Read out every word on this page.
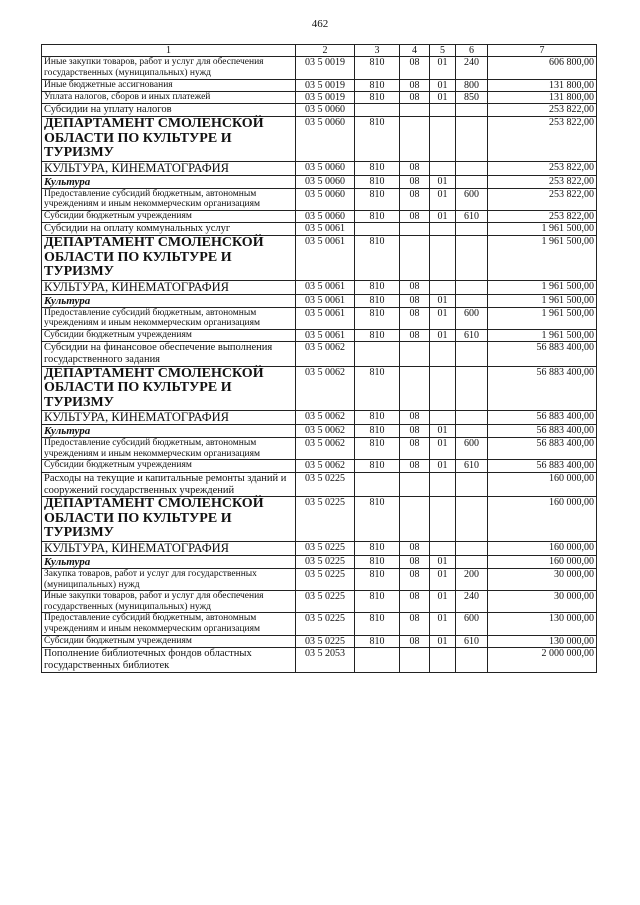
462
1	2	3	4	5	6	7
Иные закупки товаров, работ и услуг для обеспечения государственных (муниципальных) нужд	03 5 0019	810	08	01	240	606 800,00
Иные бюджетные ассигнования	03 5 0019	810	08	01	800	131 800,00
Уплата налогов, сборов и иных платежей	03 5 0019	810	08	01	850	131 800,00
Субсидии на уплату налогов	03 5 0060					253 822,00
ДЕПАРТАМЕНТ СМОЛЕНСКОЙ ОБЛАСТИ ПО КУЛЬТУРЕ И ТУРИЗМУ	03 5 0060	810				253 822,00
КУЛЬТУРА, КИНЕМАТОГРАФИЯ	03 5 0060	810	08			253 822,00
Культура	03 5 0060	810	08	01		253 822,00
Предоставление субсидий бюджетным, автономным учреждениям и иным некоммерческим организациям	03 5 0060	810	08	01	600	253 822,00
Субсидии бюджетным учреждениям	03 5 0060	810	08	01	610	253 822,00
Субсидии на оплату коммунальных услуг	03 5 0061					1 961 500,00
ДЕПАРТАМЕНТ СМОЛЕНСКОЙ ОБЛАСТИ ПО КУЛЬТУРЕ И ТУРИЗМУ	03 5 0061	810				1 961 500,00
КУЛЬТУРА, КИНЕМАТОГРАФИЯ	03 5 0061	810	08			1 961 500,00
Культура	03 5 0061	810	08	01		1 961 500,00
Предоставление субсидий бюджетным, автономным учреждениям и иным некоммерческим организациям	03 5 0061	810	08	01	600	1 961 500,00
Субсидии бюджетным учреждениям	03 5 0061	810	08	01	610	1 961 500,00
Субсидии на финансовое обеспечение выполнения государственного задания	03 5 0062					56 883 400,00
ДЕПАРТАМЕНТ СМОЛЕНСКОЙ ОБЛАСТИ ПО КУЛЬТУРЕ И ТУРИЗМУ	03 5 0062	810				56 883 400,00
КУЛЬТУРА, КИНЕМАТОГРАФИЯ	03 5 0062	810	08			56 883 400,00
Культура	03 5 0062	810	08	01		56 883 400,00
Предоставление субсидий бюджетным, автономным учреждениям и иным некоммерческим организациям	03 5 0062	810	08	01	600	56 883 400,00
Субсидии бюджетным учреждениям	03 5 0062	810	08	01	610	56 883 400,00
Расходы на текущие и капитальные ремонты зданий и сооружений государственных учреждений	03 5 0225					160 000,00
ДЕПАРТАМЕНТ СМОЛЕНСКОЙ ОБЛАСТИ ПО КУЛЬТУРЕ И ТУРИЗМУ	03 5 0225	810				160 000,00
КУЛЬТУРА, КИНЕМАТОГРАФИЯ	03 5 0225	810	08			160 000,00
Культура	03 5 0225	810	08	01		160 000,00
Закупка товаров, работ и услуг для государственных (муниципальных) нужд	03 5 0225	810	08	01	200	30 000,00
Иные закупки товаров, работ и услуг для обеспечения государственных (муниципальных) нужд	03 5 0225	810	08	01	240	30 000,00
Предоставление субсидий бюджетным, автономным учреждениям и иным некоммерческим организациям	03 5 0225	810	08	01	600	130 000,00
Субсидии бюджетным учреждениям	03 5 0225	810	08	01	610	130 000,00
Пополнение библиотечных фондов областных государственных библиотек	03 5 2053					2 000 000,00
